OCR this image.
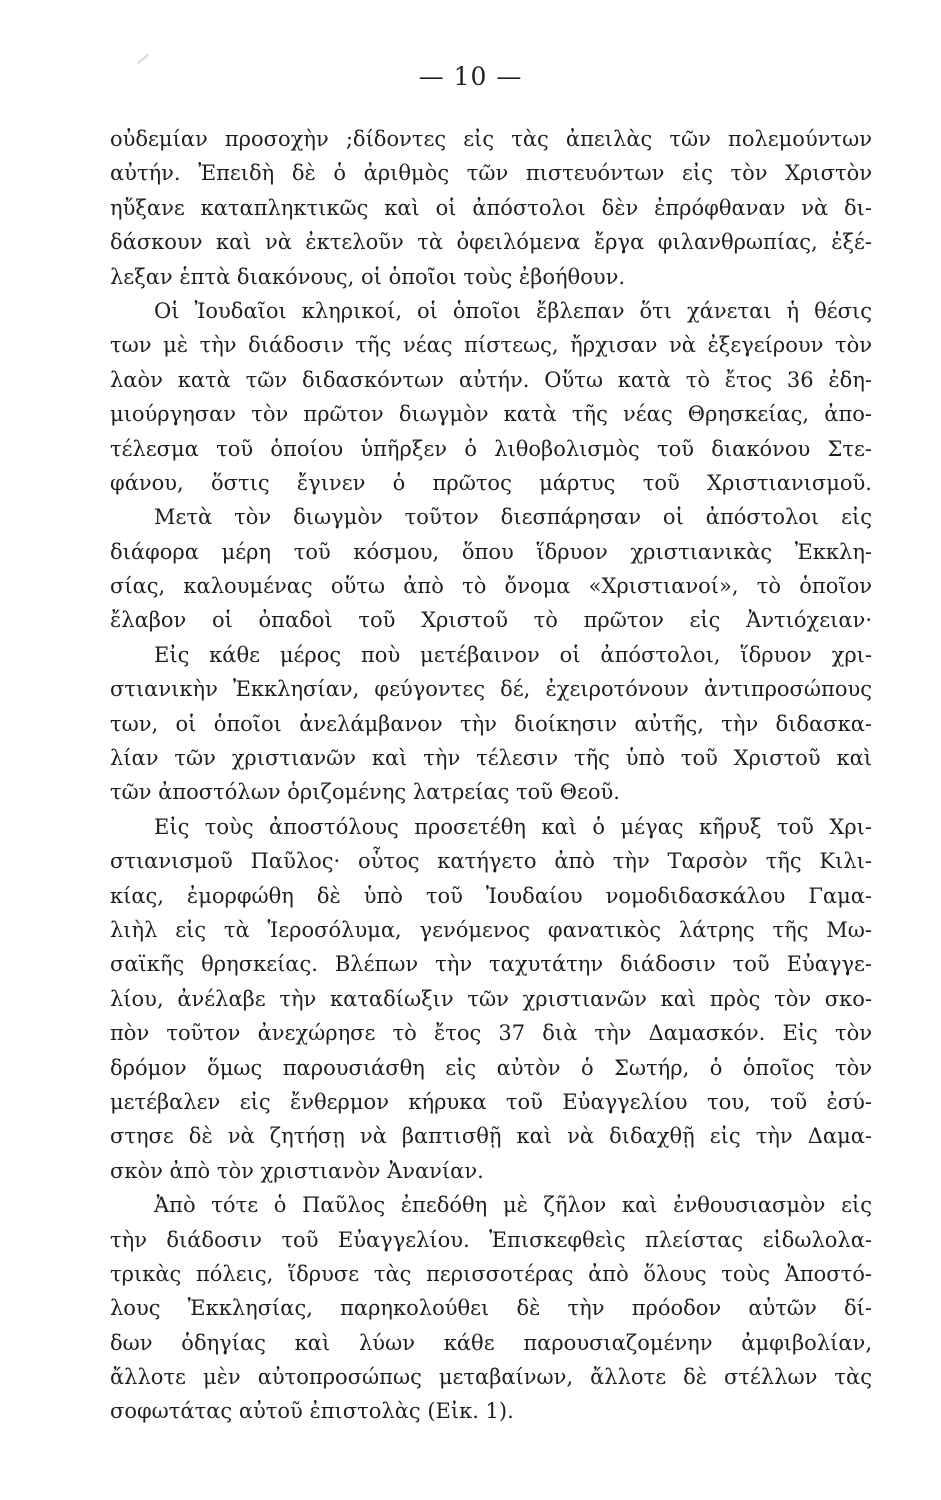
— 10 —
οὐδεμίαν προσοχὴν ;δίδοντες εἰς τὰς ἀπειλὰς τῶν πολεμούντων
αὐτήν. Ἐπειδὴ δὲ ὁ ἀριθμὸς τῶν πιστευόντων εἰς τὸν Χριστὸν
ηὔξανε καταπληκτικῶς καὶ οἱ ἀπόστολοι δὲν ἐπρόφθαναν νὰ δι-
δάσκουν καὶ νὰ ἐκτελοῦν τὰ ὀφειλόμενα ἔργα φιλανθρωπίας, ἐξέ-
λεξαν ἑπτὰ διακόνους, οἱ ὁποῖοι τοὺς ἐβοήθουν.
Οἱ Ἰουδαῖοι κληρικοί, οἱ ὁποῖοι ἔβλεπαν ὅτι χάνεται ἡ θέσις
των μὲ τὴν διάδοσιν τῆς νέας πίστεως, ἤρχισαν νὰ ἐξεγείρουν τὸν
λαὸν κατὰ τῶν διδασκόντων αὐτήν. Οὕτω κατὰ τὸ ἔτος 36 ἐδη-
μιούργησαν τὸν πρῶτον διωγμὸν κατὰ τῆς νέας Θρησκείας, ἀπο-
τέλεσμα τοῦ ὁποίου ὑπῆρξεν ὁ λιθοβολισμὸς τοῦ διακόνου Στε-
φάνου, ὅστις ἔγινεν ὁ πρῶτος μάρτυς τοῦ Χριστιανισμοῦ.
Μετὰ τὸν διωγμὸν τοῦτον διεσπάρησαν οἱ ἀπόστολοι εἰς
διάφορα μέρη τοῦ κόσμου, ὅπου ἵδρυον χριστιανικὰς Ἐκκλη-
σίας, καλουμένας οὕτω ἀπὸ τὸ ὄνομα «Χριστιανοί», τὸ ὁποῖον
ἔλαβον οἱ ὀπαδοὶ τοῦ Χριστοῦ τὸ πρῶτον εἰς Ἀντιόχειαν·
Εἰς κάθε μέρος ποὺ μετέβαινον οἱ ἀπόστολοι, ἵδρυον χρι-
στιανικὴν Ἐκκλησίαν, φεύγοντες δέ, ἐχειροτόνουν ἀντιπροσώπους
των, οἱ ὁποῖοι ἀνελάμβανον τὴν διοίκησιν αὐτῆς, τὴν διδασκα-
λίαν τῶν χριστιανῶν καὶ τὴν τέλεσιν τῆς ὑπὸ τοῦ Χριστοῦ καὶ
τῶν ἀποστόλων ὁριζομένης λατρείας τοῦ Θεοῦ.
Εἰς τοὺς ἀποστόλους προσετέθη καὶ ὁ μέγας κῆρυξ τοῦ Χρι-
στιανισμοῦ Παῦλος· οὗτος κατήγετο ἀπὸ τὴν Ταρσὸν τῆς Κιλι-
κίας, ἐμορφώθη δὲ ὑπὸ τοῦ Ἰουδαίου νομοδιδασκάλου Γαμα-
λιὴλ εἰς τὰ Ἱεροσόλυμα, γενόμενος φανατικὸς λάτρης τῆς Μω-
σαϊκῆς θρησκείας. Βλέπων τὴν ταχυτάτην διάδοσιν τοῦ Εὐαγγε-
λίου, ἀνέλαβε τὴν καταδίωξιν τῶν χριστιανῶν καὶ πρὸς τὸν σκο-
πὸν τοῦτον ἀνεχώρησε τὸ ἔτος 37 διὰ τὴν Δαμασκόν. Εἰς τὸν
δρόμον ὅμως παρουσιάσθη εἰς αὐτὸν ὁ Σωτήρ, ὁ ὁποῖος τὸν
μετέβαλεν εἰς ἔνθερμον κήρυκα τοῦ Εὐαγγελίου του, τοῦ ἐσύ-
στησε δὲ νὰ ζητήσῃ νὰ βαπτισθῇ καὶ νὰ διδαχθῇ εἰς τὴν Δαμα-
σκὸν ἀπὸ τὸν χριστιανὸν Ἀνανίαν.
Ἀπὸ τότε ὁ Παῦλος ἐπεδόθη μὲ ζῆλον καὶ ἐνθουσιασμὸν εἰς
τὴν διάδοσιν τοῦ Εὐαγγελίου. Ἐπισκεφθεὶς πλείστας εἰδωλολα-
τρικὰς πόλεις, ἵδρυσε τὰς περισσοτέρας ἀπὸ ὅλους τοὺς Ἀποστό-
λους Ἐκκλησίας, παρηκολούθει δὲ τὴν πρόοδον αὐτῶν δί-
δων ὁδηγίας καὶ λύων κάθε παρουσιαζομένην ἀμφιβολίαν,
ἄλλοτε μὲν αὐτοπροσώπως μεταβαίνων, ἄλλοτε δὲ στέλλων τὰς
σοφωτάτας αὐτοῦ ἐπιστολὰς (Εἰκ. 1).
